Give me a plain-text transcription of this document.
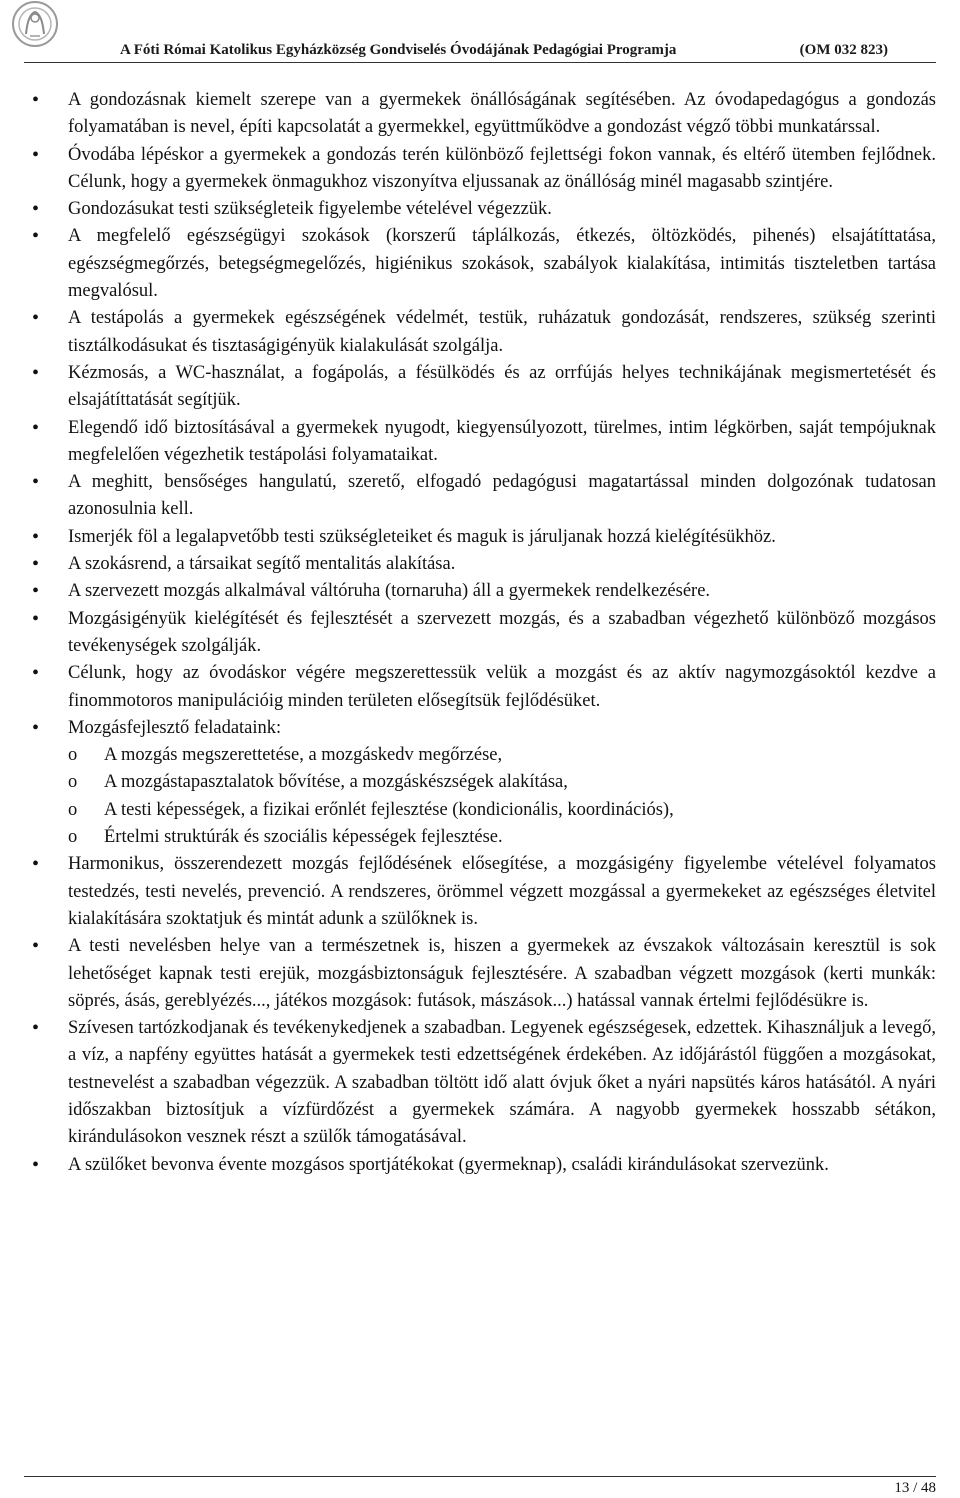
A Fóti Római Katolikus Egyházközség Gondviselés Óvodájának Pedagógiai Programja	(OM 032 823)
• A gondozásnak kiemelt szerepe van a gyermekek önállóságának segítésében. Az óvodapedagógus a gondozás folyamatában is nevel, építi kapcsolatát a gyermekkel, együttműködve a gondozást végző többi munkatárssal.
• Óvodába lépéskor a gyermekek a gondozás terén különböző fejlettségi fokon vannak, és eltérő ütemben fejlődnek. Célunk, hogy a gyermekek önmagukhoz viszonyítva eljussanak az önállóság minél magasabb szintjére.
• Gondozásukat testi szükségleteik figyelembe vételével végezzük.
• A megfelelő egészségügyi szokások (korszerű táplálkozás, étkezés, öltözködés, pihenés) elsajátíttatása, egészségmegőrzés, betegségmegelőzés, higiénikus szokások, szabályok kialakítása, intimitás tiszteletben tartása megvalósul.
• A testápolás a gyermekek egészségének védelmét, testük, ruházatuk gondozását, rendszeres, szükség szerinti tisztálkodásukat és tisztaságigényük kialakulását szolgálja.
• Kézmosás, a WC-használat, a fogápolás, a fésülködés és az orrfújás helyes technikájának megismertetését és elsajátíttatását segítjük.
• Elegendő idő biztosításával a gyermekek nyugodt, kiegyensúlyozott, türelmes, intim légkörben, saját tempójuknak megfelelően végezhetik testápolási folyamataikat.
• A meghitt, bensőséges hangulatú, szerető, elfogadó pedagógusi magatartással minden dolgozónak tudatosan azonosulnia kell.
• Ismerjék föl a legalapvetőbb testi szükségleteiket és maguk is járuljanak hozzá kielégítésükhöz.
• A szokásrend, a társaikat segítő mentalitás alakítása.
• A szervezett mozgás alkalmával váltóruha (tornaruha) áll a gyermekek rendelkezésére.
• Mozgásigényük kielégítését és fejlesztését a szervezett mozgás, és a szabadban végezhető különböző mozgásos tevékenységek szolgálják.
• Célunk, hogy az óvodáskor végére megszerettessük velük a mozgást és az aktív nagymozgásoktól kezdve a finommotoros manipulációig minden területen elősegítsük fejlődésüket.
• Mozgásfejlesztő feladataink:
o A mozgás megszerettetése, a mozgáskedv megőrzése,
o A mozgástapasztalatok bővítése, a mozgáskészségek alakítása,
o A testi képességek, a fizikai erőnlét fejlesztése (kondicionális, koordinációs),
o Értelmi struktúrák és szociális képességek fejlesztése.
• Harmonikus, összerendezett mozgás fejlődésének elősegítése, a mozgásigény figyelembe vételével folyamatos testedzés, testi nevelés, prevenció. A rendszeres, örömmel végzett mozgással a gyermekeket az egészséges életvitel kialakítására szoktatjuk és mintát adunk a szülőknek is.
• A testi nevelésben helye van a természetnek is, hiszen a gyermekek az évszakok változásain keresztül is sok lehetőséget kapnak testi erejük, mozgásbiztonságuk fejlesztésére. A szabadban végzett mozgások (kerti munkák: söprés, ásás, gereblyézés..., játékos mozgások: futások, mászások...) hatással vannak értelmi fejlődésükre is.
• Szívesen tartózkodjanak és tevékenykedjenek a szabadban. Legyenek egészségesek, edzettek. Kihasználjuk a levegő, a víz, a napfény együttes hatását a gyermekek testi edzettségének érdekében. Az időjárástól függően a mozgásokat, testnevelést a szabadban végezzük. A szabadban töltött idő alatt óvjuk őket a nyári napsütés káros hatásától. A nyári időszakban biztosítjuk a vízfürdőzést a gyermekek számára. A nagyobb gyermekek hosszabb sétákon, kirándulásokon vesznek részt a szülők támogatásával.
• A szülőket bevonva évente mozgásos sportjátékokat (gyermeknap), családi kirándulásokat szervezünk.
13 / 48
